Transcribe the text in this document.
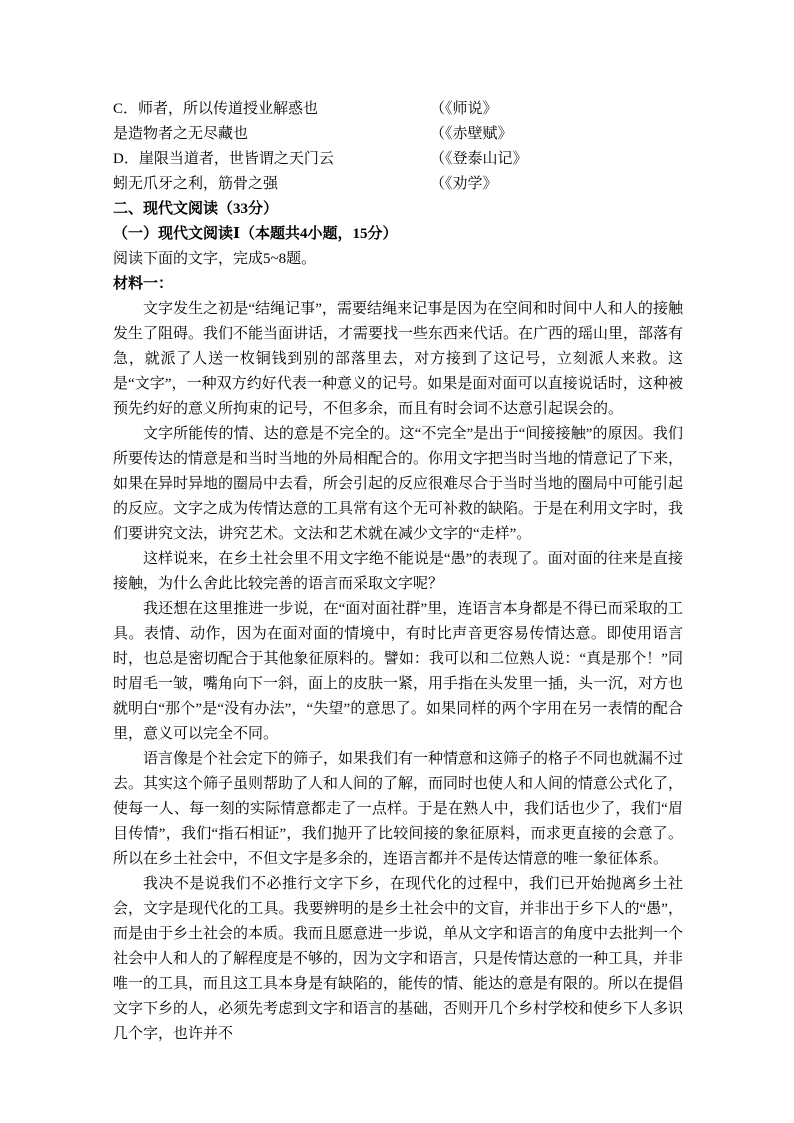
C．师者，所以传道授业解惑也	（《师说》
是造物者之无尽藏也	（《赤壁赋》
D．崖限当道者，世皆谓之天门云	（《登泰山记》
蚓无爪牙之利，筋骨之强	（《劝学》
二、现代文阅读（33分）
（一）现代文阅读Ⅰ（本题共4小题，15分）
阅读下面的文字，完成5~8题。
材料一：

文字发生之初是“结绳记事”，需要结绳来记事是因为在空间和时间中人和人的接触发生了阻碍。我们不能当面讲话，才需要找一些东西来代话。在广西的瑶山里，部落有急，就派了人送一枚铜钱到别的部落里去，对方接到了这记号，立刻派人来救。这是“文字”，一种双方约好代表一种意义的记号。如果是面对面可以直接说话时，这种被预先约好的意义所拘束的记号，不但多余，而且有时会词不达意引起误会的。

文字所能传的情、达的意是不完全的。这“不完全”是出于“间接接触”的原因。我们所要传达的情意是和当时当地的外局相配合的。你用文字把当时当地的情意记了下来，如果在异时异地的圈局中去看，所会引起的反应很难尽合于当时当地的圈局中可能引起的反应。文字之成为传情达意的工具常有这个无可补救的缺陷。于是在利用文字时，我们要讲究文法，讲究艺术。文法和艺术就在减少文字的“走样”。

这样说来，在乡土社会里不用文字绝不能说是“愚”的表现了。面对面的往来是直接接触，为什么舍此比较完善的语言而采取文字呢？

我还想在这里推进一步说，在“面对面社群”里，连语言本身都是不得已而采取的工具。表情、动作，因为在面对面的情境中，有时比声音更容易传情达意。即使用语言时，也总是密切配合于其他象征原料的。譬如：我可以和二位熟人说：“真是那个！”同时眉毛一皱，嘴角向下一斜，面上的皮肤一紧，用手指在头发里一插，头一沉，对方也就明白“那个”是“没有办法”，“失望”的意思了。如果同样的两个字用在另一表情的配合里，意义可以完全不同。

语言像是个社会定下的筛子，如果我们有一种情意和这筛子的格子不同也就漏不过去。其实这个筛子虽则帮助了人和人间的了解，而同时也使人和人间的情意公式化了，使每一人、每一刻的实际情意都走了一点样。于是在熟人中，我们话也少了，我们“眉目传情”，我们“指石相证”，我们抛开了比较间接的象征原料，而求更直接的会意了。所以在乡土社会中，不但文字是多余的，连语言都并不是传达情意的唯一象征体系。

我决不是说我们不必推行文字下乡，在现代化的过程中，我们已开始抛离乡土社会，文字是现代化的工具。我要辨明的是乡土社会中的文盲，并非出于乡下人的“愚”，而是由于乡土社会的本质。我而且愿意进一步说，单从文字和语言的角度中去批判一个社会中人和人的了解程度是不够的，因为文字和语言，只是传情达意的一种工具，并非唯一的工具，而且这工具本身是有缺陷的，能传的情、能达的意是有限的。所以在提倡文字下乡的人，必须先考虑到文字和语言的基础，否则开几个乡村学校和使乡下人多识几个字，也许并不
